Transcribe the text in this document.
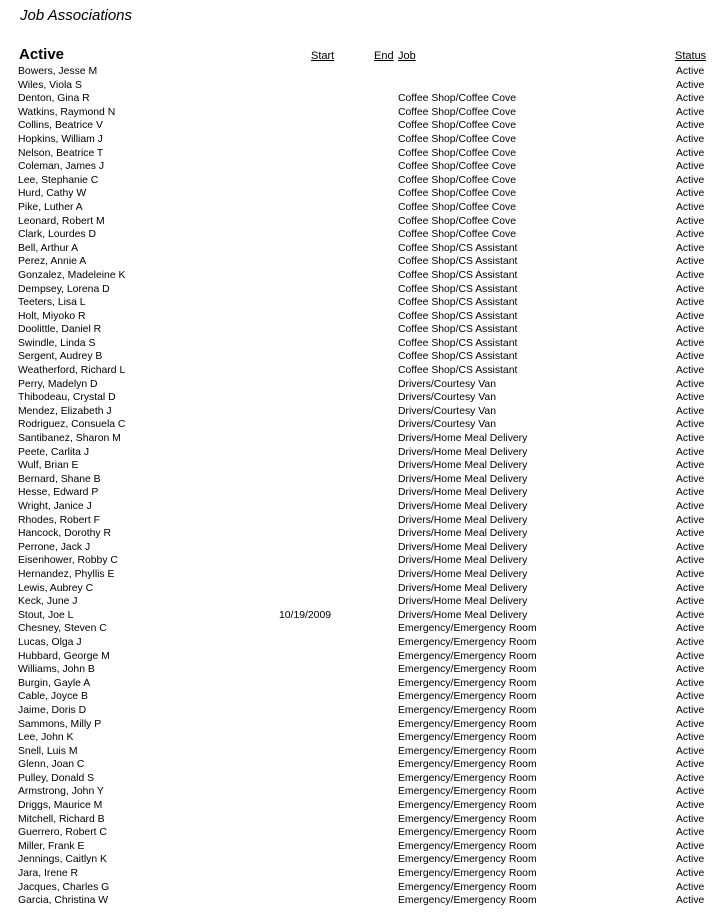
Job Associations
Active	Start	End Job	Status
Bowers, Jesse M	Active
Wiles, Viola S	Active
Denton, Gina R	Coffee Shop/Coffee Cove	Active
Watkins, Raymond N	Coffee Shop/Coffee Cove	Active
Collins, Beatrice V	Coffee Shop/Coffee Cove	Active
Hopkins, William J	Coffee Shop/Coffee Cove	Active
Nelson, Beatrice T	Coffee Shop/Coffee Cove	Active
Coleman, James J	Coffee Shop/Coffee Cove	Active
Lee, Stephanie C	Coffee Shop/Coffee Cove	Active
Hurd, Cathy W	Coffee Shop/Coffee Cove	Active
Pike, Luther A	Coffee Shop/Coffee Cove	Active
Leonard, Robert M	Coffee Shop/Coffee Cove	Active
Clark, Lourdes D	Coffee Shop/Coffee Cove	Active
Bell, Arthur A	Coffee Shop/CS Assistant	Active
Perez, Annie A	Coffee Shop/CS Assistant	Active
Gonzalez, Madeleine K	Coffee Shop/CS Assistant	Active
Dempsey, Lorena D	Coffee Shop/CS Assistant	Active
Teeters, Lisa L	Coffee Shop/CS Assistant	Active
Holt, Miyoko R	Coffee Shop/CS Assistant	Active
Doolittle, Daniel R	Coffee Shop/CS Assistant	Active
Swindle, Linda S	Coffee Shop/CS Assistant	Active
Sergent, Audrey B	Coffee Shop/CS Assistant	Active
Weatherford, Richard L	Coffee Shop/CS Assistant	Active
Perry, Madelyn D	Drivers/Courtesy Van	Active
Thibodeau, Crystal D	Drivers/Courtesy Van	Active
Mendez, Elizabeth J	Drivers/Courtesy Van	Active
Rodriguez, Consuela C	Drivers/Courtesy Van	Active
Santibanez, Sharon M	Drivers/Home Meal Delivery	Active
Peete, Carlita J	Drivers/Home Meal Delivery	Active
Wulf, Brian E	Drivers/Home Meal Delivery	Active
Bernard, Shane B	Drivers/Home Meal Delivery	Active
Hesse, Edward P	Drivers/Home Meal Delivery	Active
Wright, Janice J	Drivers/Home Meal Delivery	Active
Rhodes, Robert F	Drivers/Home Meal Delivery	Active
Hancock, Dorothy R	Drivers/Home Meal Delivery	Active
Perrone, Jack J	Drivers/Home Meal Delivery	Active
Eisenhower, Robby C	Drivers/Home Meal Delivery	Active
Hernandez, Phyllis E	Drivers/Home Meal Delivery	Active
Lewis, Aubrey C	Drivers/Home Meal Delivery	Active
Keck, June J	Drivers/Home Meal Delivery	Active
Stout, Joe L	10/19/2009	Drivers/Home Meal Delivery	Active
Chesney, Steven C	Emergency/Emergency Room	Active
Lucas, Olga J	Emergency/Emergency Room	Active
Hubbard, George M	Emergency/Emergency Room	Active
Williams, John B	Emergency/Emergency Room	Active
Burgin, Gayle A	Emergency/Emergency Room	Active
Cable, Joyce B	Emergency/Emergency Room	Active
Jaime, Doris D	Emergency/Emergency Room	Active
Sammons, Milly P	Emergency/Emergency Room	Active
Lee, John K	Emergency/Emergency Room	Active
Snell, Luis M	Emergency/Emergency Room	Active
Glenn, Joan C	Emergency/Emergency Room	Active
Pulley, Donald S	Emergency/Emergency Room	Active
Armstrong, John Y	Emergency/Emergency Room	Active
Driggs, Maurice M	Emergency/Emergency Room	Active
Mitchell, Richard B	Emergency/Emergency Room	Active
Guerrero, Robert C	Emergency/Emergency Room	Active
Miller, Frank E	Emergency/Emergency Room	Active
Jennings, Caitlyn K	Emergency/Emergency Room	Active
Jara, Irene R	Emergency/Emergency Room	Active
Jacques, Charles G	Emergency/Emergency Room	Active
Garcia, Christina W	Emergency/Emergency Room	Active
